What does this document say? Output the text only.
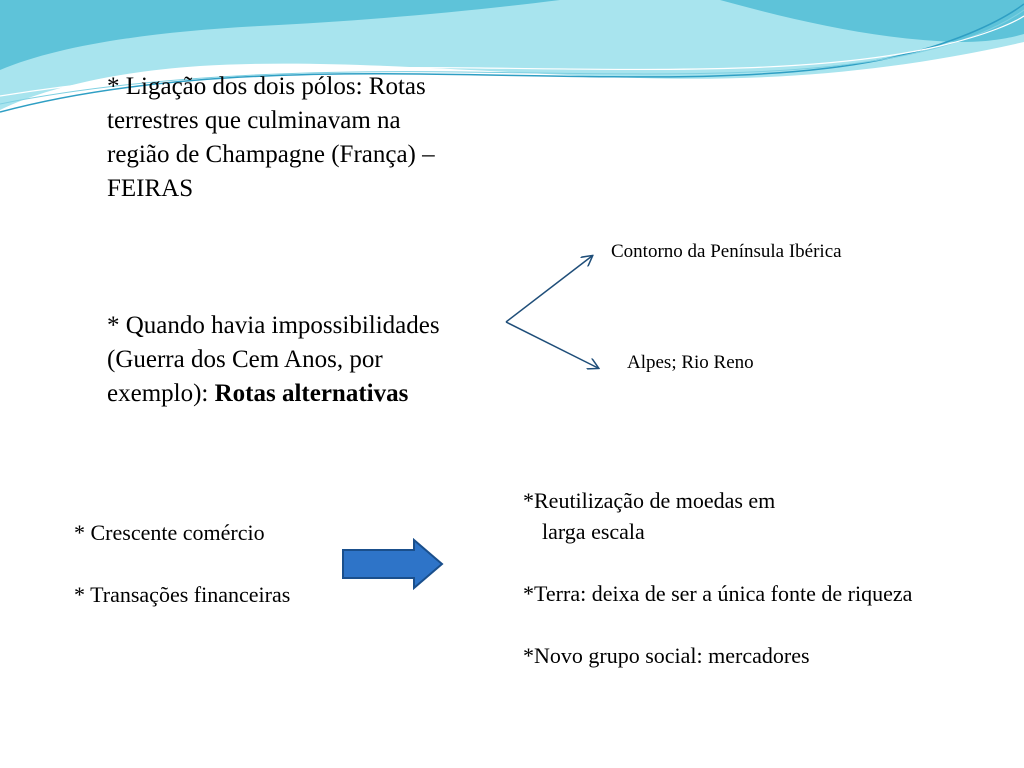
* Ligação dos dois pólos: Rotas
terrestres que culminavam na
região de Champagne (França) –
FEIRAS
* Quando havia impossibilidades
(Guerra dos Cem Anos, por
exemplo): Rotas alternativas
Contorno da Península Ibérica
Alpes; Rio Reno
* Crescente comércio
* Transações financeiras
*Reutilização de moedas em
larga escala
*Terra: deixa de ser a única fonte de riqueza
*Novo grupo social: mercadores
